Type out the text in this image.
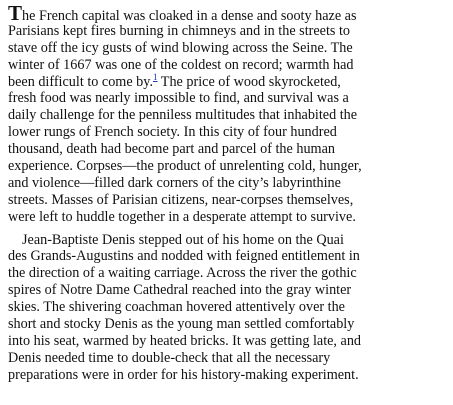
The French capital was cloaked in a dense and sooty haze as
Parisians kept fires burning in chimneys and in the streets to
stave off the icy gusts of wind blowing across the Seine. The
winter of 1667 was one of the coldest on record; warmth had
been difficult to come by.$^1$ The price of wood skyrocketed,
fresh food was nearly impossible to find, and survival was a
daily challenge for the penniless multitudes that inhabited the
lower rungs of French society. In this city of four hundred
thousand, death had become part and parcel of the human
experience. Corpses—the product of unrelenting cold, hunger,
and violence—filled dark corners of the city’s labyrinthine
streets. Masses of Parisian citizens, near-corpses themselves,
were left to huddle together in a desperate attempt to survive.

Jean-Baptiste Denis stepped out of his home on the Quai
des Grands-Augustins and nodded with feigned entitlement in
the direction of a waiting carriage. Across the river the gothic
spires of Notre Dame Cathedral reached into the gray winter
skies. The shivering coachman hovered attentively over the
short and stocky Denis as the young man settled comfortably
into his seat, warmed by heated bricks. It was getting late, and
Denis needed time to double-check that all the necessary
preparations were in order for his history-making experiment.
